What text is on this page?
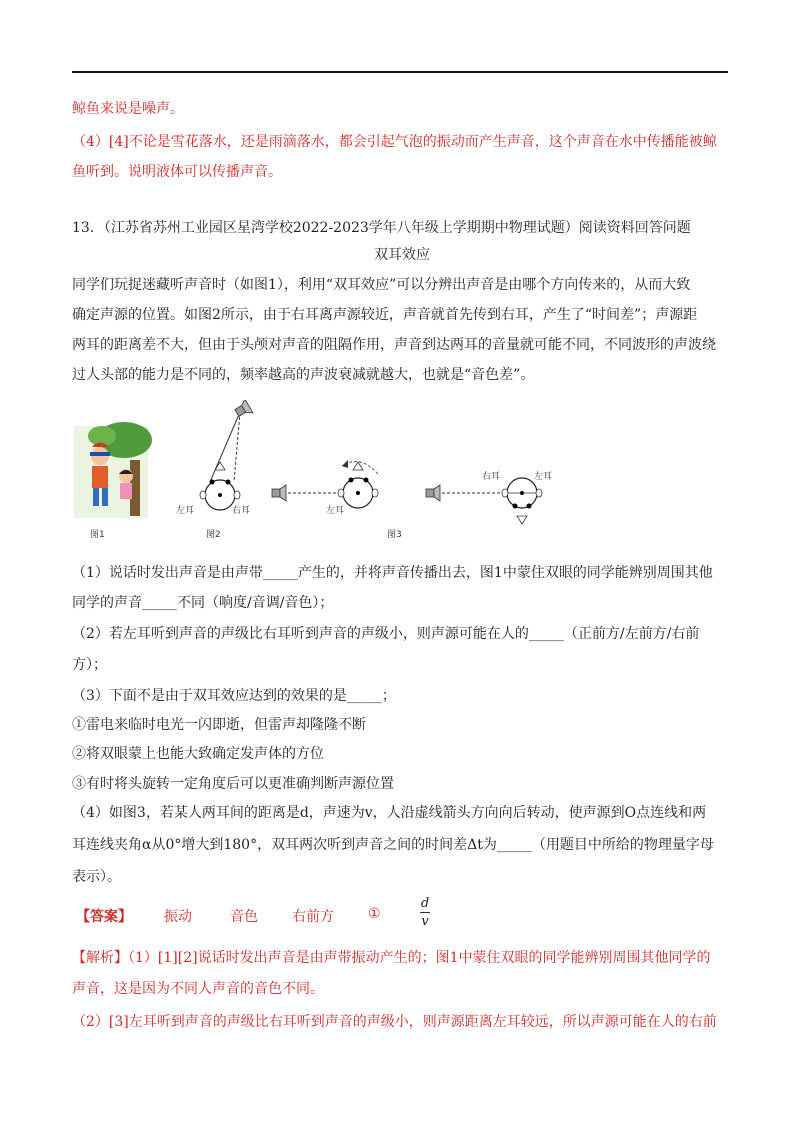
鲸鱼来说是噪声。
（4）[4]不论是雪花落水，还是雨滴落水，都会引起气泡的振动而产生声音，这个声音在水中传播能被鲸
鱼听到。说明液体可以传播声音。
13．（江苏省苏州工业园区星湾学校2022-2023学年八年级上学期期中物理试题）阅读资料回答问题
双耳效应
同学们玩捉迷藏听声音时（如图1），利用“双耳效应”可以分辨出声音是由哪个方向传来的，从而大致
确定声源的位置。如图2所示，由于右耳离声源较近，声音就首先传到右耳，产生了“时间差”；声源距
两耳的距离差不大，但由于头颅对声音的阻隔作用，声音到达两耳的音量就可能不同，不同波形的声波绕
过人头部的能力是不同的，频率越高的声波衰减就越大，也就是“音色差”。
图1
左耳	右耳
图2
左耳
图3
右耳	左耳
（1）说话时发出声音是由声带_____产生的，并将声音传播出去，图1中蒙住双眼的同学能辨别周围其他
同学的声音_____不同（响度/音调/音色）；
（2）若左耳听到声音的声级比右耳听到声音的声级小，则声源可能在人的_____（正前方/左前方/右前
方）；
（3）下面不是由于双耳效应达到的效果的是_____；
①雷电来临时电光一闪即逝，但雷声却隆隆不断
②将双眼蒙上也能大致确定发声体的方位
③有时将头旋转一定角度后可以更准确判断声源位置
（4）如图3，若某人两耳间的距离是d，声速为v，人沿虚线箭头方向向后转动，使声源到O点连线和两
耳连线夹角α从0°增大到180°，双耳两次听到声音之间的时间差Δt为_____（用题目中所给的物理量字母
表示）。
【答案】 振动	音色 右前方 ①
d
v
【解析】（1）[1][2]说话时发出声音是由声带振动产生的；图1中蒙住双眼的同学能辨别周围其他同学的
声音，这是因为不同人声音的音色不同。
（2）[3]左耳听到声音的声级比右耳听到声音的声级小，则声源距离左耳较远，所以声源可能在人的右前
